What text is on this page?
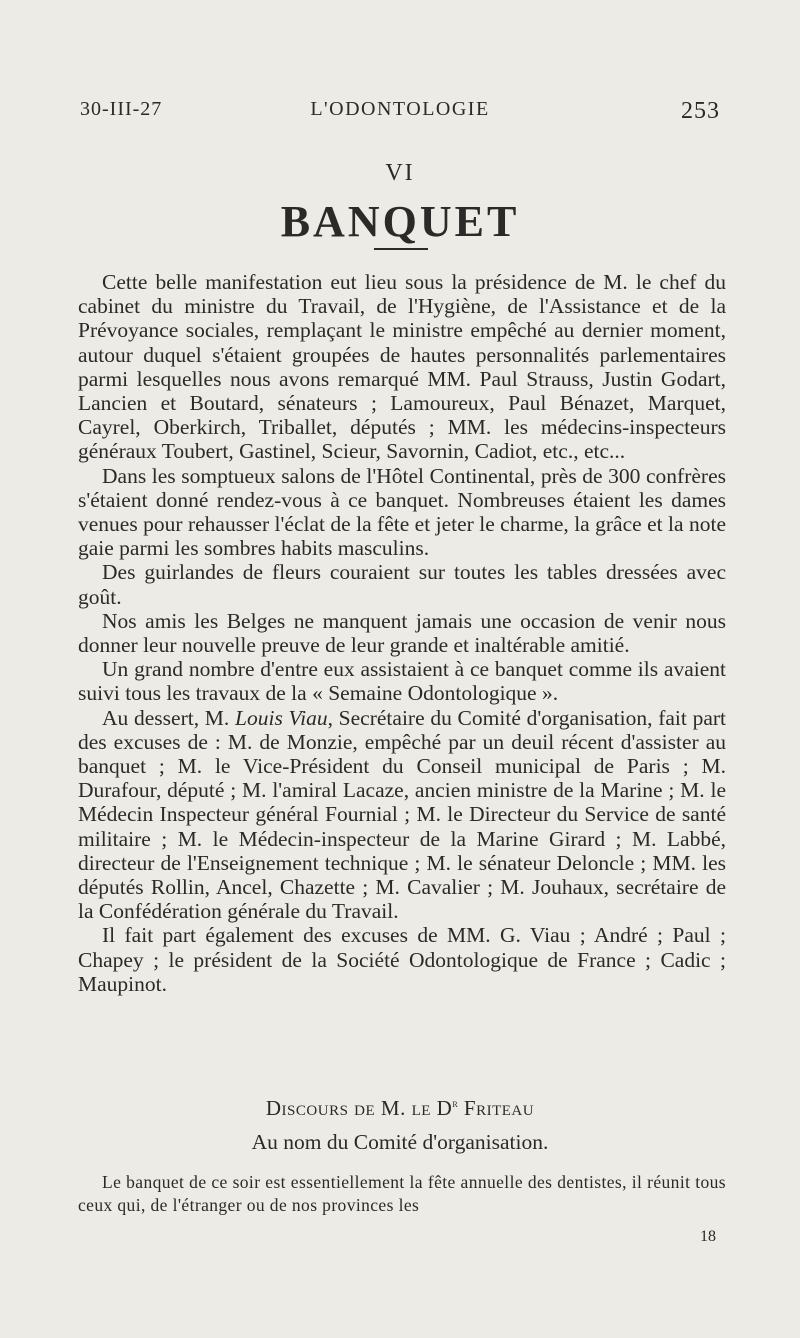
30-III-27	L'ODONTOLOGIE	253
VI
BANQUET

Cette belle manifestation eut lieu sous la présidence de M. le chef du cabinet du ministre du Travail, de l'Hygiène, de l'Assistance et de la Prévoyance sociales, remplaçant le ministre empêché au dernier moment, autour duquel s'étaient groupées de hautes personnalités parlementaires parmi lesquelles nous avons remarqué MM. Paul Strauss, Justin Godart, Lancien et Boutard, sénateurs ; Lamoureux, Paul Bénazet, Marquet, Cayrel, Oberkirch, Triballet, députés ; MM. les médecins-inspecteurs généraux Toubert, Gastinel, Scieur, Savornin, Cadiot, etc., etc...

Dans les somptueux salons de l'Hôtel Continental, près de 300 confrères s'étaient donné rendez-vous à ce banquet. Nombreuses étaient les dames venues pour rehausser l'éclat de la fête et jeter le charme, la grâce et la note gaie parmi les sombres habits masculins.

Des guirlandes de fleurs couraient sur toutes les tables dressées avec goût.

Nos amis les Belges ne manquent jamais une occasion de venir nous donner leur nouvelle preuve de leur grande et inaltérable amitié.

Un grand nombre d'entre eux assistaient à ce banquet comme ils avaient suivi tous les travaux de la « Semaine Odontologique ».

Au dessert, M. Louis Viau, Secrétaire du Comité d'organisation, fait part des excuses de : M. de Monzie, empêché par un deuil récent d'assister au banquet ; M. le Vice-Président du Conseil municipal de Paris ; M. Durafour, député ; M. l'amiral Lacaze, ancien ministre de la Marine ; M. le Médecin Inspecteur général Fournial ; M. le Directeur du Service de santé militaire ; M. le Médecin-inspecteur de la Marine Girard ; M. Labbé, directeur de l'Enseignement technique ; M. le sénateur Deloncle ; MM. les députés Rollin, Ancel, Chazette ; M. Cavalier ; M. Jouhaux, secrétaire de la Confédération générale du Travail.

Il fait part également des excuses de MM. G. Viau ; André ; Paul ; Chapey ; le président de la Société Odontologique de France ; Cadic ; Maupinot.

Discours de M. le $D^r$ Friteau
Au nom du Comité d'organisation.

Le banquet de ce soir est essentiellement la fête annuelle des dentistes, il réunit tous ceux qui, de l'étranger ou de nos provinces les

18
